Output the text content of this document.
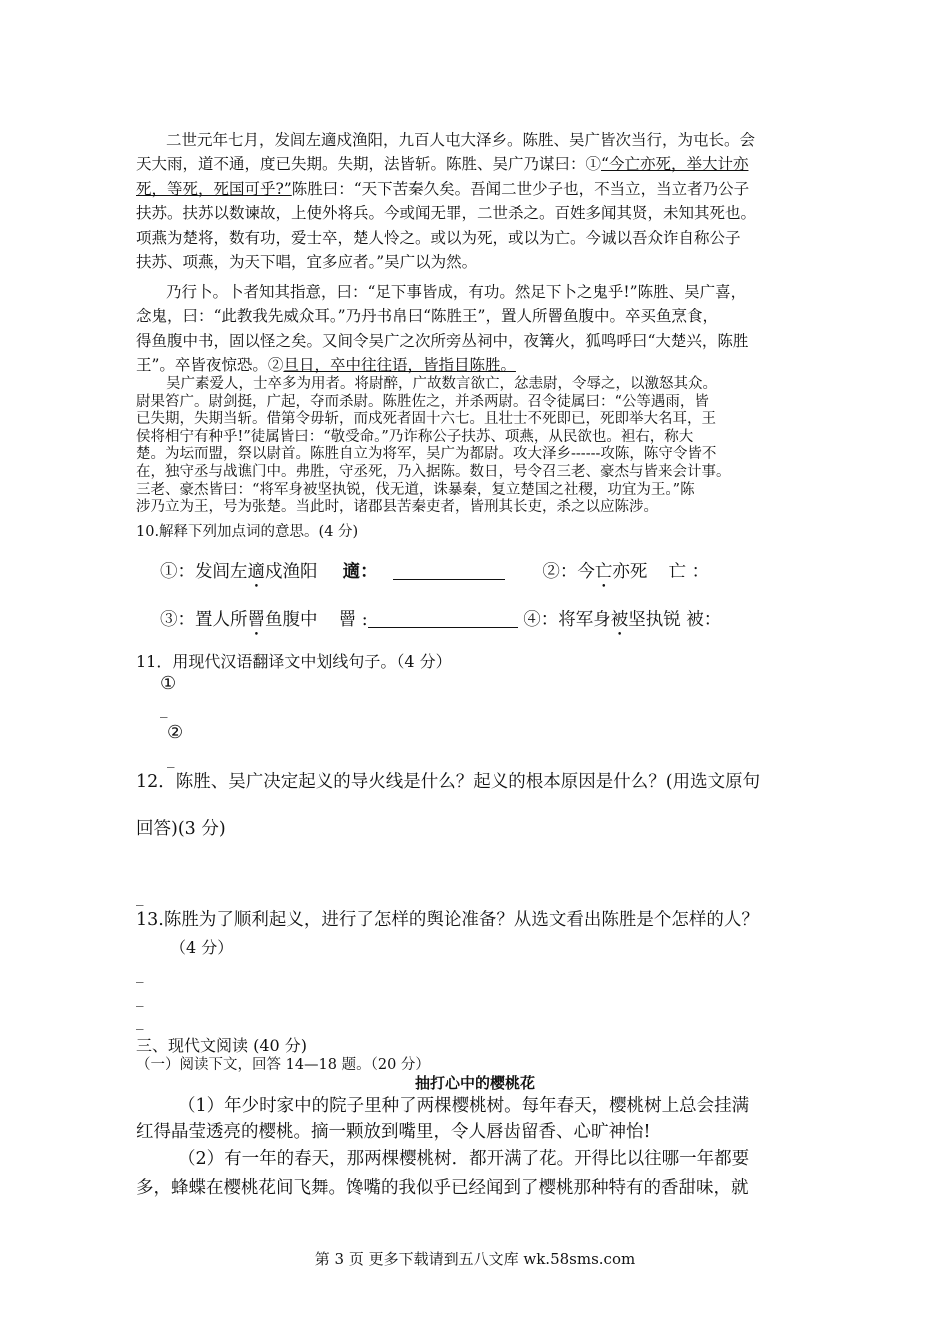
二世元年七月，发闾左適戍渔阳，九百人屯大泽乡。陈胜、吴广皆次当行，为屯长。会

天大雨，道不通，度已失期。失期，法皆斩。陈胜、吴广乃谋曰：①“今亡亦死，举大计亦

死，等死，死国可乎?”陈胜曰：“天下苦秦久矣。吾闻二世少子也，不当立，当立者乃公子

扶苏。扶苏以数谏故，上使外将兵。今或闻无罪，二世杀之。百姓多闻其贤，未知其死也。

项燕为楚将，数有功，爱士卒，楚人怜之。或以为死，或以为亡。今诚以吾众诈自称公子

扶苏、项燕，为天下唱，宜多应者。”吴广以为然。

乃行卜。卜者知其指意，曰：“足下事皆成，有功。然足下卜之鬼乎!”陈胜、吴广喜，

念鬼，曰：“此教我先威众耳。”乃丹书帛曰“陈胜王”，置人所罾鱼腹中。卒买鱼烹食，

得鱼腹中书，固以怪之矣。又间令吴广之次所旁丛祠中，夜篝火，狐鸣呼曰“大楚兴，陈胜

王”。卒皆夜惊恐。②旦日，卒中往往语，皆指目陈胜。

吴广素爱人，士卒多为用者。将尉醉，广故数言欲亡，忿恚尉，令辱之，以激怒其众。

尉果笞广。尉剑挺，广起，夺而杀尉。陈胜佐之，并杀两尉。召令徒属曰：“公等遇雨，皆

已失期，失期当斩。借第令毋斩，而戍死者固十六七。且壮士不死即已，死即举大名耳，王

侯将相宁有种乎!”徒属皆曰：“敬受命。”乃诈称公子扶苏、项燕，从民欲也。袒右，称大

楚。为坛而盟，祭以尉首。陈胜自立为将军，吴广为都尉。攻大泽乡------攻陈，陈守令皆不

在，独守丞与战谯门中。弗胜，守丞死，乃入据陈。数日，号令召三老、豪杰与皆来会计事。

三老、豪杰皆曰：“将军身被坚执锐，伐无道，诛暴秦，复立楚国之社稷，功宜为王。”陈

涉乃立为王，号为张楚。当此时，诸郡县苦秦吏者，皆刑其长吏，杀之以应陈涉。

10.解释下列加点词的意思。(4 分)
①：发闾左適戍渔阳 適：	②：今亡亦死 亡 ：
③：置人所罾鱼腹中 罾 :	④：将军身被坚执锐 被：
11．用现代汉语翻译文中划线句子。（4 分）
①
_
②
_
12．陈胜、吴广决定起义的导火线是什么？起义的根本原因是什么？(用选文原句
回答)(3 分)
_
13.陈胜为了顺利起义，进行了怎样的舆论准备？从选文看出陈胜是个怎样的人？
（4 分）
_
_
_
三、现代文阅读 (40 分)
（一）阅读下文，回答 14—18 题。（20 分）
抽打心中的樱桃花

（1）年少时家中的院子里种了两棵樱桃树。每年春天，樱桃树上总会挂满

红得晶莹透亮的樱桃。摘一颗放到嘴里，令人唇齿留香、心旷神怡!

（2）有一年的春天，那两棵樱桃树．都开满了花。开得比以往哪一年都要

多，蜂蝶在樱桃花间飞舞。馋嘴的我似乎已经闻到了樱桃那种特有的香甜味，就

第 3 页 更多下载请到五八文库 wk.58sms.com
